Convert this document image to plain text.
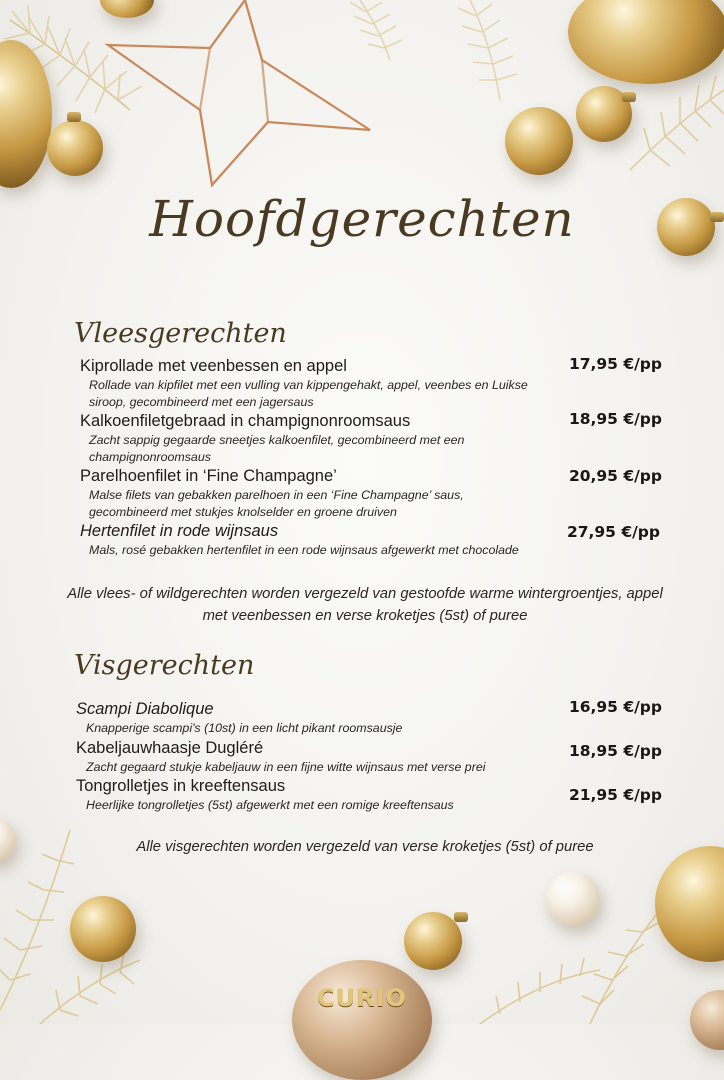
Hoofdgerechten
Vleesgerechten
Kiprollade met veenbessen en appel	17,95 €/pp
Rollade van kipfilet met een vulling van kippengehakt, appel, veenbes en Luikse siroop, gecombineerd met een jagersaus
Kalkoenfiletgebraad in champignonroomsaus	18,95 €/pp
Zacht sappig gegaarde sneetjes kalkoenfilet, gecombineerd met een champignonroomsaus
Parelhoenfilet in ‘Fine Champagne’	20,95 €/pp
Malse filets van gebakken parelhoen in een ‘Fine Champagne’ saus, gecombineerd met stukjes knolselder en groene druiven
Hertenfilet in rode wijnsaus	27,95 €/pp
Mals, rosé gebakken hertenfilet in een rode wijnsaus afgewerkt met chocolade
Alle vlees- of wildgerechten worden vergezeld van gestoofde warme wintergroentjes, appel met veenbessen en verse kroketjes (5st) of puree
Visgerechten
Scampi Diabolique	16,95 €/pp
Knapperige scampi's (10st) in een licht pikant roomsausje
Kabeljauwhaasje Dugléré	18,95 €/pp
Zacht gegaard stukje kabeljauw in een fijne witte wijnsaus met verse prei
Tongrolletjes in kreeftensaus	21,95 €/pp
Heerlijke tongrolletjes (5st) afgewerkt met een romige kreeftensaus
Alle visgerechten worden vergezeld van verse kroketjes (5st) of puree
CURIO
